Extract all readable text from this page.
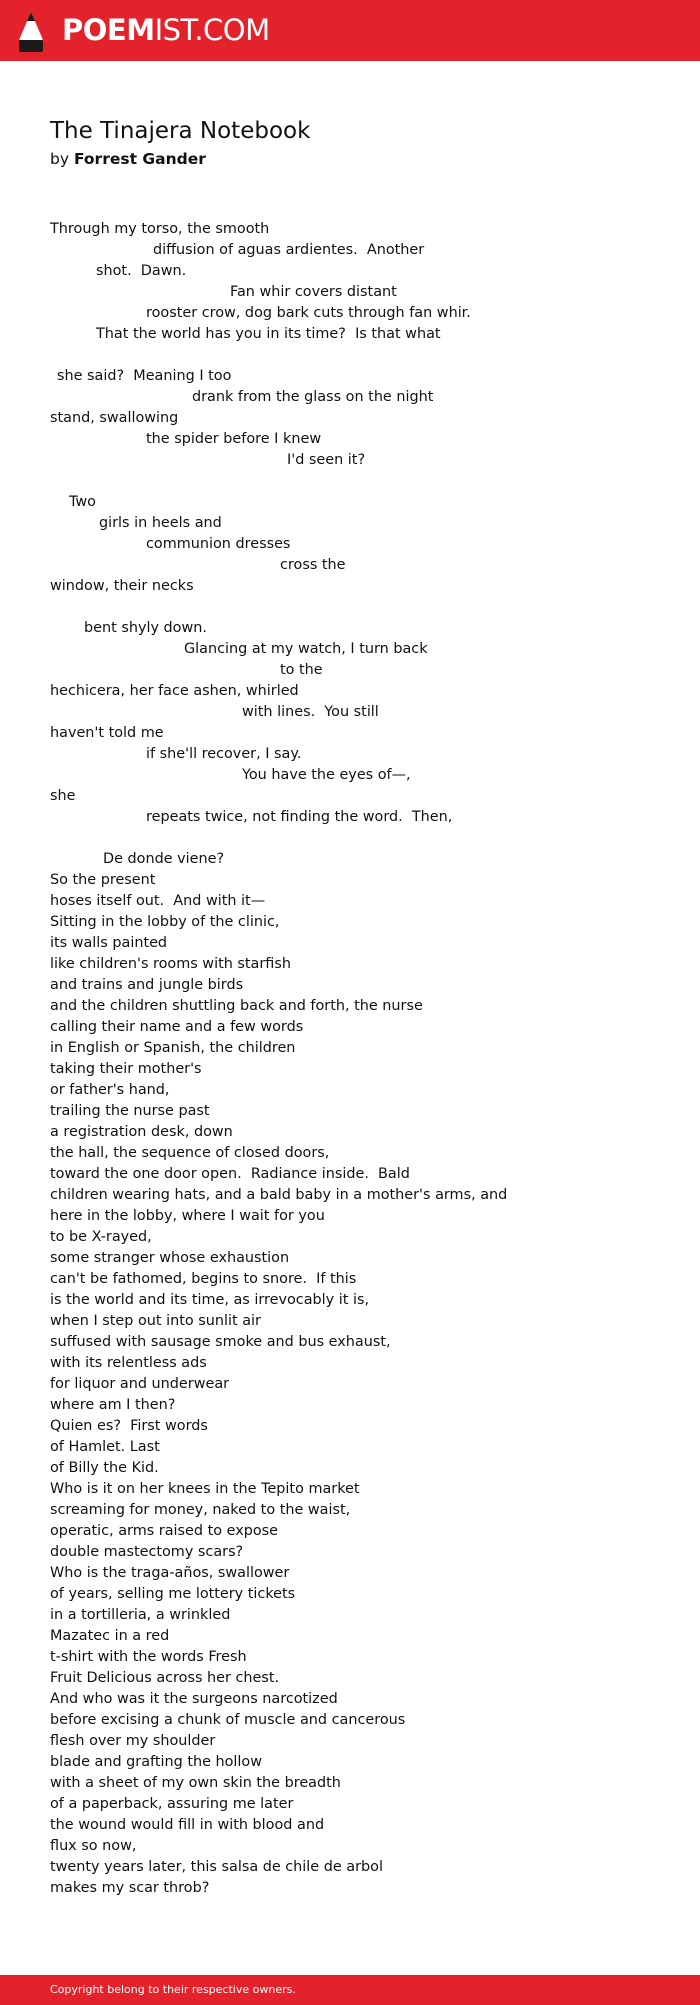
POEMIST.COM
The Tinajera Notebook
by Forrest Gander
Through my torso, the smooth
diffusion of aguas ardientes.  Another
shot.  Dawn.
Fan whir covers distant
rooster crow, dog bark cuts through fan whir.
That the world has you in its time?  Is that what
she said?  Meaning I too
drank from the glass on the night
stand, swallowing
the spider before I knew
I'd seen it?
Two
girls in heels and
communion dresses
cross the
window, their necks
bent shyly down.
Glancing at my watch, I turn back
to the
hechicera, her face ashen, whirled
with lines.  You still
haven't told me
if she'll recover, I say.
You have the eyes of—,
she
repeats twice, not finding the word.  Then,
De donde viene?
So the present
hoses itself out.  And with it—
Sitting in the lobby of the clinic,
its walls painted
like children's rooms with starfish
and trains and jungle birds
and the children shuttling back and forth, the nurse
calling their name and a few words
in English or Spanish, the children
taking their mother's
or father's hand,
trailing the nurse past
a registration desk, down
the hall, the sequence of closed doors,
toward the one door open.  Radiance inside.  Bald
children wearing hats, and a bald baby in a mother's arms, and
here in the lobby, where I wait for you
to be X-rayed,
some stranger whose exhaustion
can't be fathomed, begins to snore.  If this
is the world and its time, as irrevocably it is,
when I step out into sunlit air
suffused with sausage smoke and bus exhaust,
with its relentless ads
for liquor and underwear
where am I then?
Quien es?  First words
of Hamlet. Last
of Billy the Kid.
Who is it on her knees in the Tepito market
screaming for money, naked to the waist,
operatic, arms raised to expose
double mastectomy scars?
Who is the traga-años, swallower
of years, selling me lottery tickets
in a tortilleria, a wrinkled
Mazatec in a red
t-shirt with the words Fresh
Fruit Delicious across her chest.
And who was it the surgeons narcotized
before excising a chunk of muscle and cancerous
flesh over my shoulder
blade and grafting the hollow
with a sheet of my own skin the breadth
of a paperback, assuring me later
the wound would fill in with blood and
flux so now,
twenty years later, this salsa de chile de arbol
makes my scar throb?
Copyright belong to their respective owners.
